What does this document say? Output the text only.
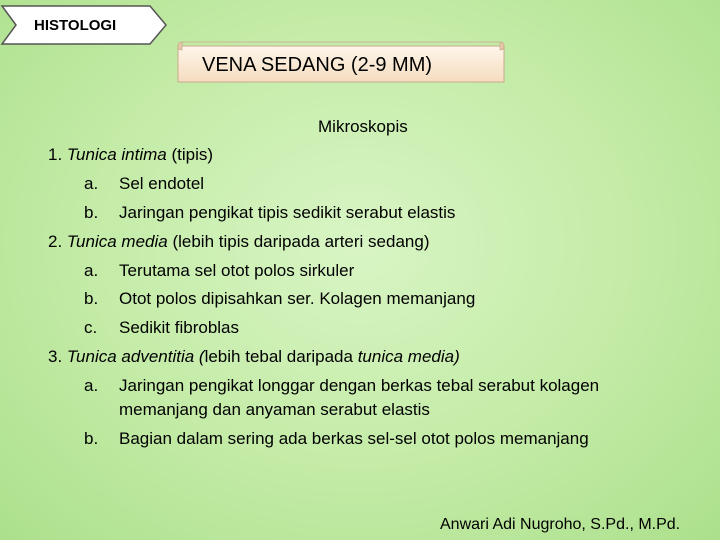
HISTOLOGI
VENA SEDANG (2-9 MM)
Mikroskopis
1. Tunica intima (tipis)
a. Sel endotel
b. Jaringan pengikat tipis sedikit serabut elastis
2. Tunica media (lebih tipis daripada arteri sedang)
a. Terutama sel otot polos sirkuler
b. Otot polos dipisahkan ser. Kolagen memanjang
c. Sedikit fibroblas
3. Tunica adventitia (lebih tebal daripada tunica media)
a. Jaringan pengikat longgar dengan berkas tebal serabut kolagen
memanjang dan anyaman serabut elastis
b. Bagian dalam sering ada berkas sel-sel otot polos memanjang
Anwari Adi Nugroho, S.Pd., M.Pd.
